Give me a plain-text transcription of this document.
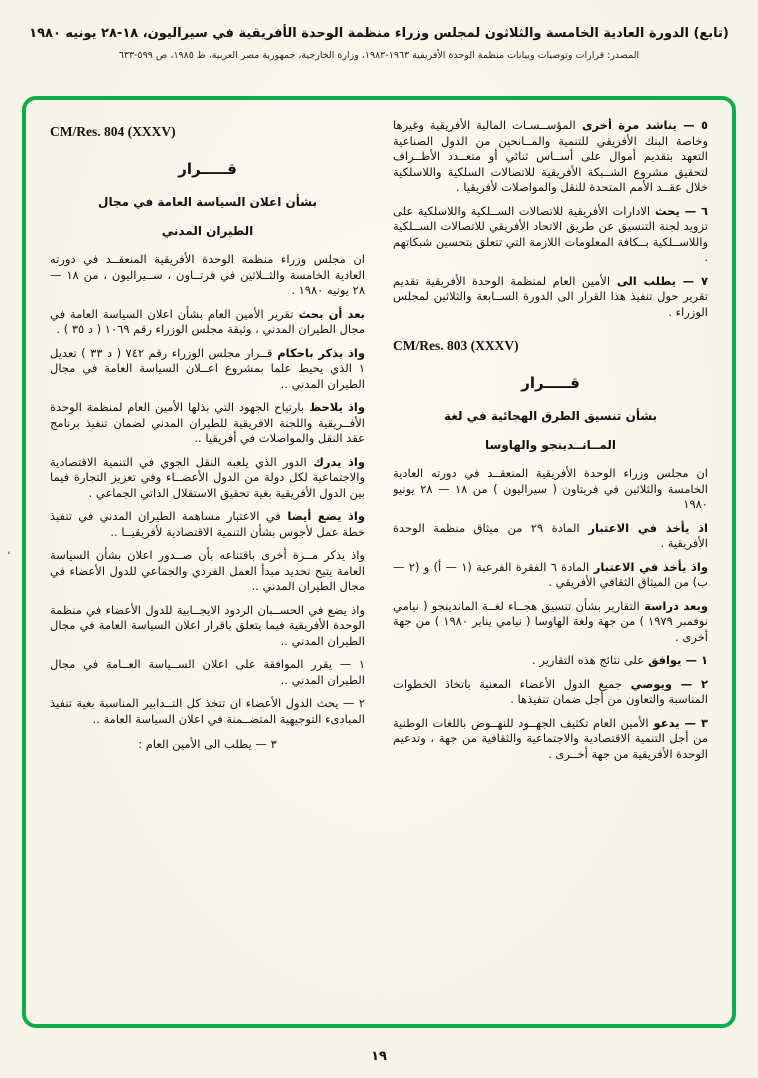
(تابع) الدورة العادية الخامسة والثلاثون لمجلس وزراء منظمة الوحدة الأفريقية في سيراليون، ١٨-٢٨ يونيه ١٩٨٠
المصدر: قرارات وتوصيات وبيانات منظمة الوحدة الأفريقية ١٩٦٣-١٩٨٣، وزارة الخارجية، جمهورية مصر العربية، ط ١٩٨٥، ص ٥٩٩-٦٣٣
٥ — يناشد مرة أخرى المؤســسـات المالية الأفريقية وغيرها وخاصة البنك الأفريقي للتنمية والمــانحين من الدول الصناعية التعهد بتقديم أموال على أســاس ثنائي أو متعــدد الأطــراف لتحقيق مشروع الشــبكة الأفريقية للاتصالات السلكية واللاسلكية خلال عقــد الأمم المتحدة للنقل والمواصلات لأفريقيا .
٦ — يحث الادارات الأفريقية للاتصالات الســلكية واللاسلكية على تزويد لجنة التنسيق عن طريق الاتحاد الأفريقي للاتصالات الســلكية واللاســلكية بــكافة المعلومات اللازمة التي تتعلق بتحسين شبكاتهم .
٧ — يطلب الى الأمين العام لمنظمة الوحدة الأفريقية تقديم تقرير حول تنفيذ هذا القرار الى الدورة الســابعة والثلاثين لمجلس الوزراء .
CM/Res. 803 (XXXV)
قـــــرار
بشأن تنسيق الطرق الهجائية في لغة
المــانــدينجو والهاوسا
ان مجلس وزراء الوحدة الأفريقية المنعقــد في دورته العادية الخامسة والثلاثين في فريتاون ( سيراليون ) من ١٨ — ٢٨ يونيو ١٩٨٠
اذ يأخذ في الاعتبار المادة ٢٩ من ميثاق منظمة الوحدة الأفريقية .
واذ يأخذ في الاعتبار المادة ٦ الفقرة الفرعية (١ — أ) و (٢ — ب) من الميثاق الثقافي الأفريقي .
وبعد دراسة التقارير بشأن تنسيق هجــاء لغــة الماندينجو ( نيامي نوفمبر ١٩٧٩ ) من جهة ولغة الهاوسا ( نيامي يناير ١٩٨٠ ) من جهة أخرى .
١ — يوافق على نتائج هذه التقارير .
٢ — ويوصي جميع الدول الأعضاء المعنية باتخاذ الخطوات المناسبة والتعاون من أجل ضمان تنفيذها .
٣ — يدعو الأمين العام تكثيف الجهــود للنهــوض باللغات الوطنية من أجل التنمية الاقتصادية والاجتماعية والثقافية من جهة ، وتدعيم الوحدة الأفريقية من جهة أخــرى .
CM/Res. 804 (XXXV)
قـــــرار
بشأن اعلان السياسة العامة في مجال
الطيران المدني
ان مجلس وزراء منظمة الوحدة الأفريقية المنعقــد في دورته العادية الخامسة والثــلاثين في فرتــاون ، ســيراليون ، من ١٨ — ٢٨ يونيه ١٩٨٠ .
بعد أن بحث تقرير الأمين العام بشأن اعلان السياسة العامة في مجال الطيران المدني ، وثيقة مجلس الوزراء رقم ١٠٦٩ ( د ٣٥ ) .
واذ يذكر باحكام قــرار مجلس الوزراء رقم ٧٤٢ ( د ٣٣ ) تعديل ١ الذي يحيط علما بمشروع اعــلان السياسة العامة في مجال الطيران المدني ..
واذ يلاحظ بارتياح الجهود التي بذلها الأمين العام لمنظمة الوحدة الأفــريقية واللجنة الافريقية للطيران المدني لضمان تنفيذ برنامج عقد النقل والمواصلات في أفريقيا ..
واذ يدرك الدور الذي يلعبه النقل الجوي في التنمية الاقتصادية والاجتماعية لكل دولة من الدول الأعضــاء وفي تعزيز التجارة فيما بين الدول الأفريقية بغية تحقيق الاستقلال الذاتي الجماعي .
واذ يضع أيضا في الاعتبار مساهمة الطيران المدني في تنفيذ خطة عمل لأجوس بشأن التنمية الاقتصادية لأفريقيــا ..
واذ يذكر مــرة أخرى باقتناعه بأن صــدور اعلان بشأن السياسة العامة يتيح تحديد مبدأ العمل الفردي والجماعي للدول الأعضاء في مجال الطيران المدني ..
واذ يضع في الحســبان الردود الايجــابية للدول الأعضاء في منظمة الوحدة الأفريقية فيما يتعلق باقرار اعلان السياسة العامة في مجال الطيران المدني ..
١ — يقرر الموافقة على اعلان الســياسة العــامة في مجال الطيران المدني ..
٢ — يحث الدول الأعضاء ان تتخذ كل التــدابير المناسبة بغية تنفيذ المبادىء التوجيهية المتضــمنة في اعلان السياسة العامة ..
٣ — يطلب الى الأمين العام :
،
١٩
